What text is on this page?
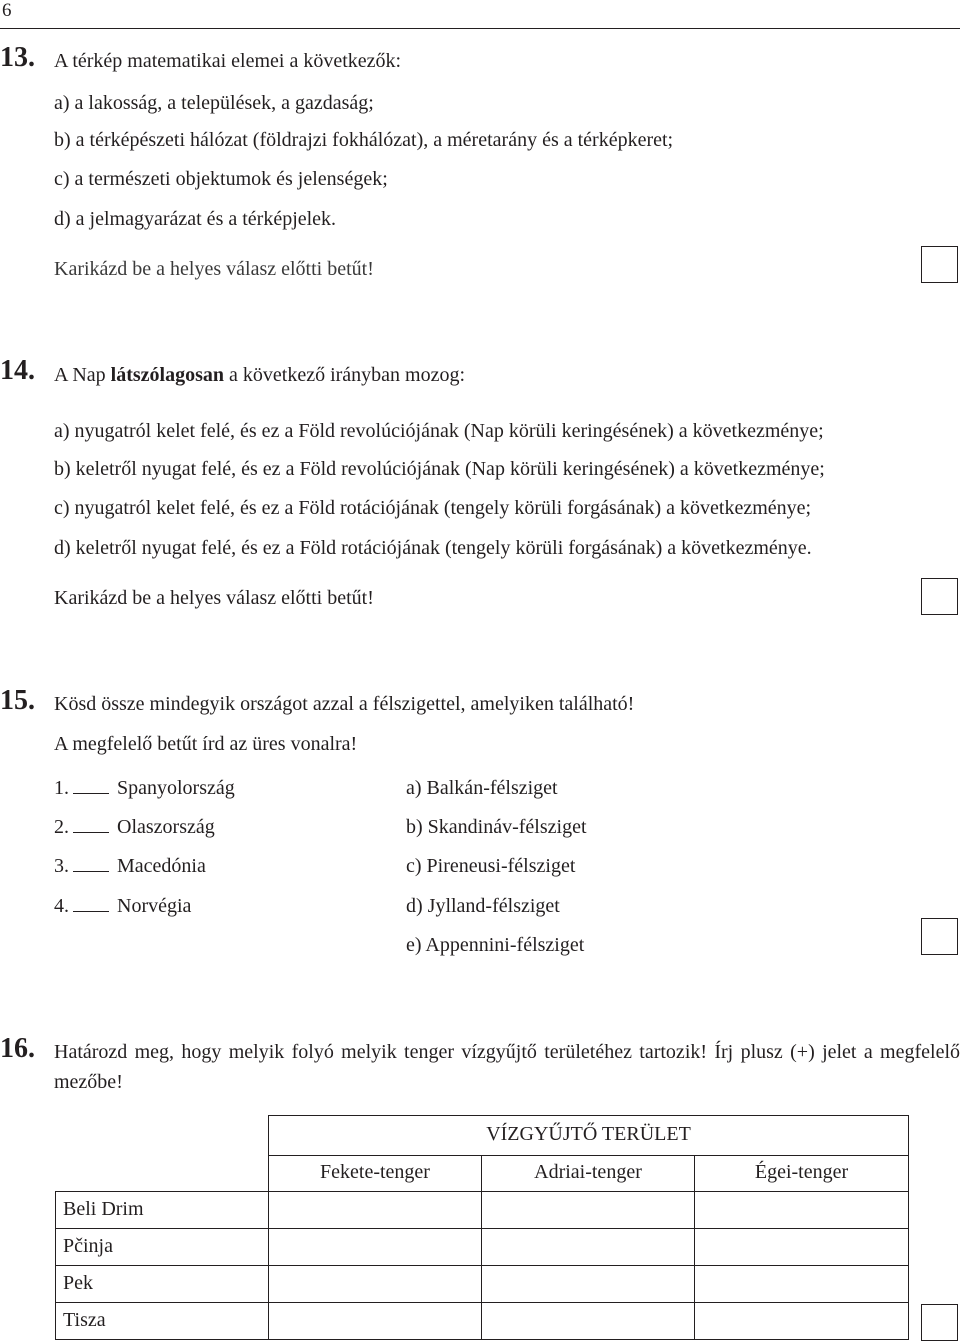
6
13. A térkép matematikai elemei a következők:
a) a lakosság, a települések, a gazdaság;
b) a térképészeti hálózat (földrajzi fokhálózat), a méretarány és a térképkeret;
c) a természeti objektumok és jelenségek;
d) a jelmagyarázat és a térképjelek.
Karikázd be a helyes válasz előtti betűt!
14. A Nap látszólagosan a következő irányban mozog:
a) nyugatról kelet felé, és ez a Föld revolúciójának (Nap körüli keringésének) a következménye;
b) keletről nyugat felé, és ez a Föld revolúciójának (Nap körüli keringésének) a következménye;
c) nyugatról kelet felé, és ez a Föld rotációjának (tengely körüli forgásának) a következménye;
d) keletről nyugat felé, és ez a Föld rotációjának (tengely körüli forgásának) a következménye.
Karikázd be a helyes válasz előtti betűt!
15. Kösd össze mindegyik országot azzal a félszigettel, amelyiken található!
A megfelelő betűt írd az üres vonalra!
1. Spanyolország
2. Olaszország
3. Macedónia
4. Norvégia
a) Balkán-félsziget
b) Skandináv-félsziget
c) Pireneusi-félsziget
d) Jylland-félsziget
e) Appennini-félsziget
16. Határozd meg, hogy melyik folyó melyik tenger vízgyűjtő területéhez tartozik! Írj plusz (+) jelet a megfelelő mezőbe!
VÍZGYŰJTŐ TERÜLET
Fekete-tenger	Adriai-tenger	Égei-tenger
Beli Drim
Pčinja
Pek
Tisza
